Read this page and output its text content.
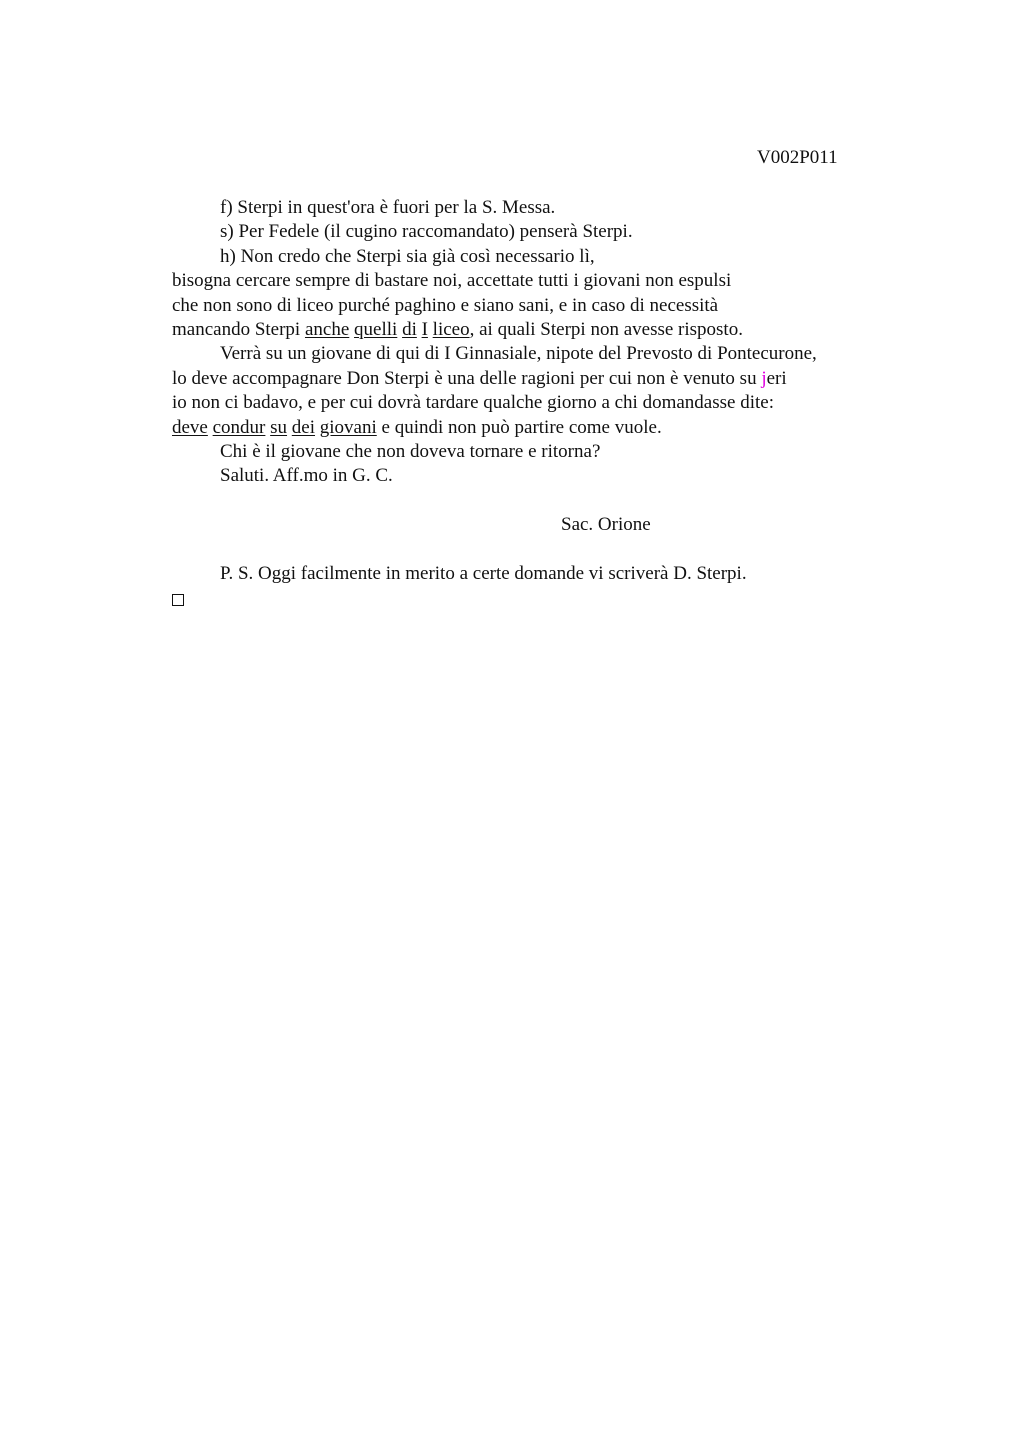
V002P011
f) Sterpi in quest'ora è fuori per la S. Messa.
s) Per Fedele (il cugino raccomandato) penserà Sterpi.
h) Non credo che Sterpi sia già così necessario lì,
bisogna cercare sempre di bastare noi, accettate tutti i giovani non espulsi
che non sono di liceo purché paghino e siano sani, e in caso di necessità
mancando Sterpi anche quelli di I liceo, ai quali Sterpi non avesse risposto.
Verrà su un giovane di qui di I Ginnasiale, nipote del Prevosto di Pontecurone,
lo deve accompagnare Don Sterpi è una delle ragioni per cui non è venuto su jeri
io non ci badavo, e per cui dovrà tardare qualche giorno a chi domandasse dite:
deve condur su dei giovani e quindi non può partire come vuole.
Chi è il giovane che non doveva tornare e ritorna?
Saluti. Aff.mo in G. C.
Sac. Orione
P. S. Oggi facilmente in merito a certe domande vi scriverà D. Sterpi.
